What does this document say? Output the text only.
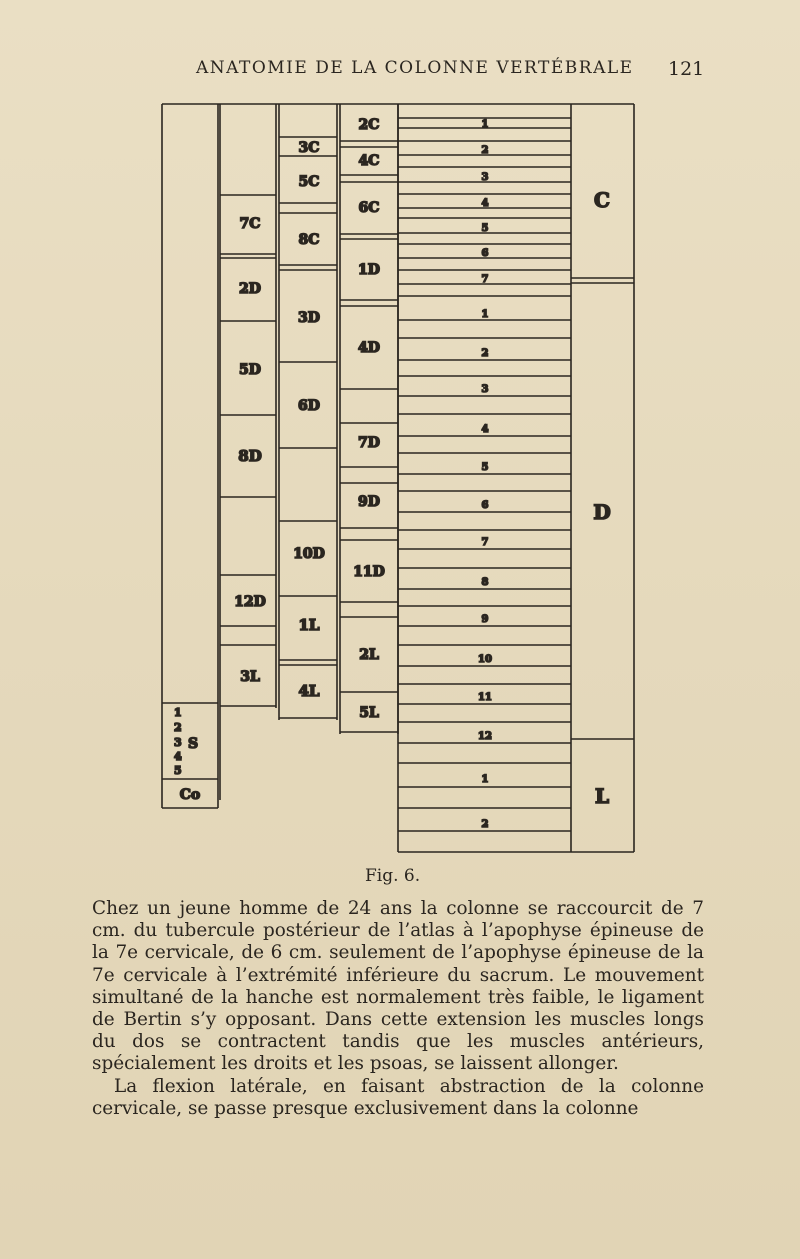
ANATOMIE DE LA COLONNE VERTÉBRALE 121
1
2
3
4
5
S
Co
7C
2D
5D
8D
12D
3L
3C
5C
8C
3D
6D
10D
1L
4L
2C
4C
6C
1D
4D
7D
9D
11D
2L
5L
1
2
3
4
5
6
7
1
2
3
4
5
6
7
8
9
10
11
12
1
2
C
D
L
Fig. 6.

Chez un jeune homme de 24 ans la colonne se raccourcit de 7 cm. du tubercule postérieur de l’atlas à l’apophyse épineuse de la 7e cervicale, de 6 cm. seulement de l’apophyse épineuse de la 7e cervicale à l’extrémité inférieure du sacrum. Le mouvement simultané de la hanche est normalement très faible, le ligament de Bertin s’y opposant. Dans cette extension les muscles longs du dos se contractent tandis que les muscles antérieurs, spécialement les droits et les psoas, se laissent allonger.

La flexion latérale, en faisant abstraction de la colonne cervicale, se passe presque exclusivement dans la colonne
